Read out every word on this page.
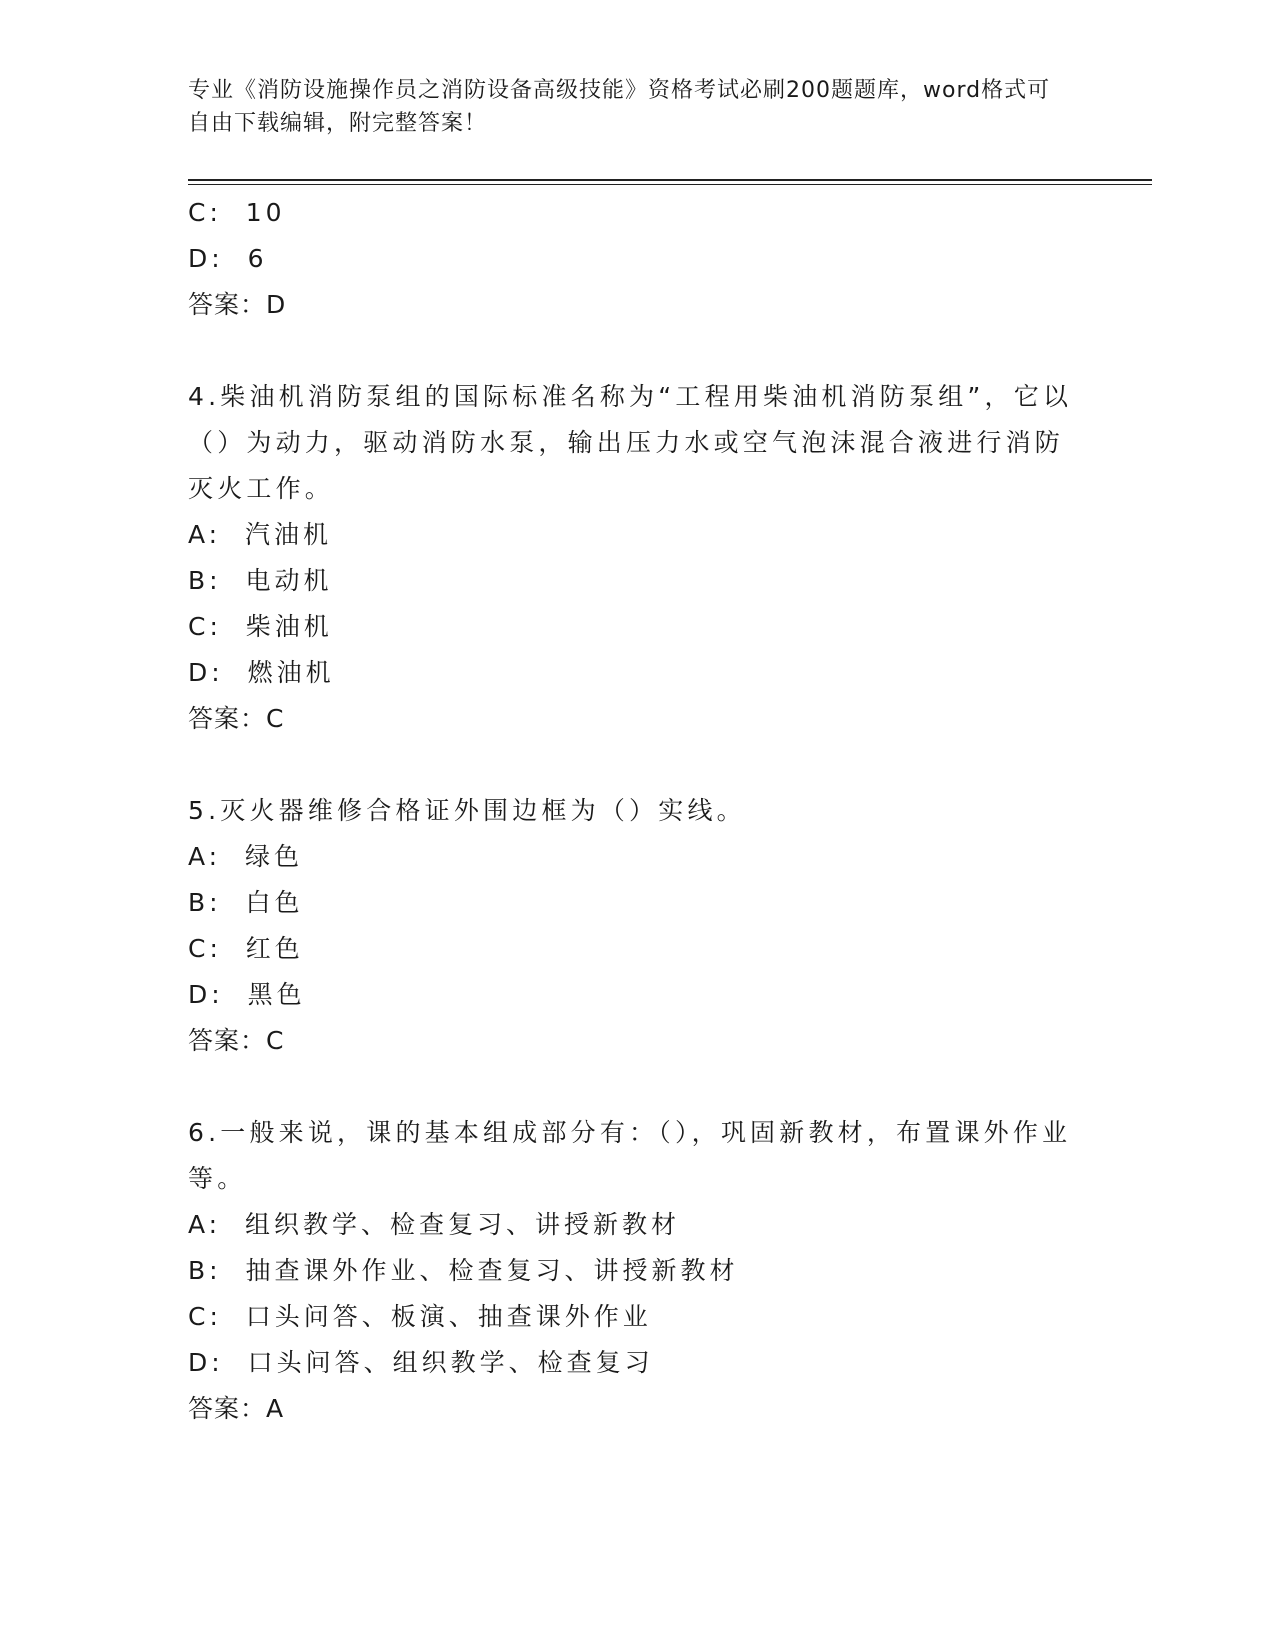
专业《消防设施操作员之消防设备高级技能》资格考试必刷200题题库，word格式可自由下载编辑，附完整答案！
C:  10
D:  6
答案：D
4.柴油机消防泵组的国际标准名称为“工程用柴油机消防泵组”，它以（）为动力，驱动消防水泵，输出压力水或空气泡沫混合液进行消防灭火工作。
A:  汽油机
B:  电动机
C:  柴油机
D:  燃油机
答案：C
5.灭火器维修合格证外围边框为（）实线。
A:  绿色
B:  白色
C:  红色
D:  黑色
答案：C
6.一般来说，课的基本组成部分有：（），巩固新教材，布置课外作业等。
A:  组织教学、检查复习、讲授新教材
B:  抽查课外作业、检查复习、讲授新教材
C:  口头问答、板演、抽查课外作业
D:  口头问答、组织教学、检查复习
答案：A
